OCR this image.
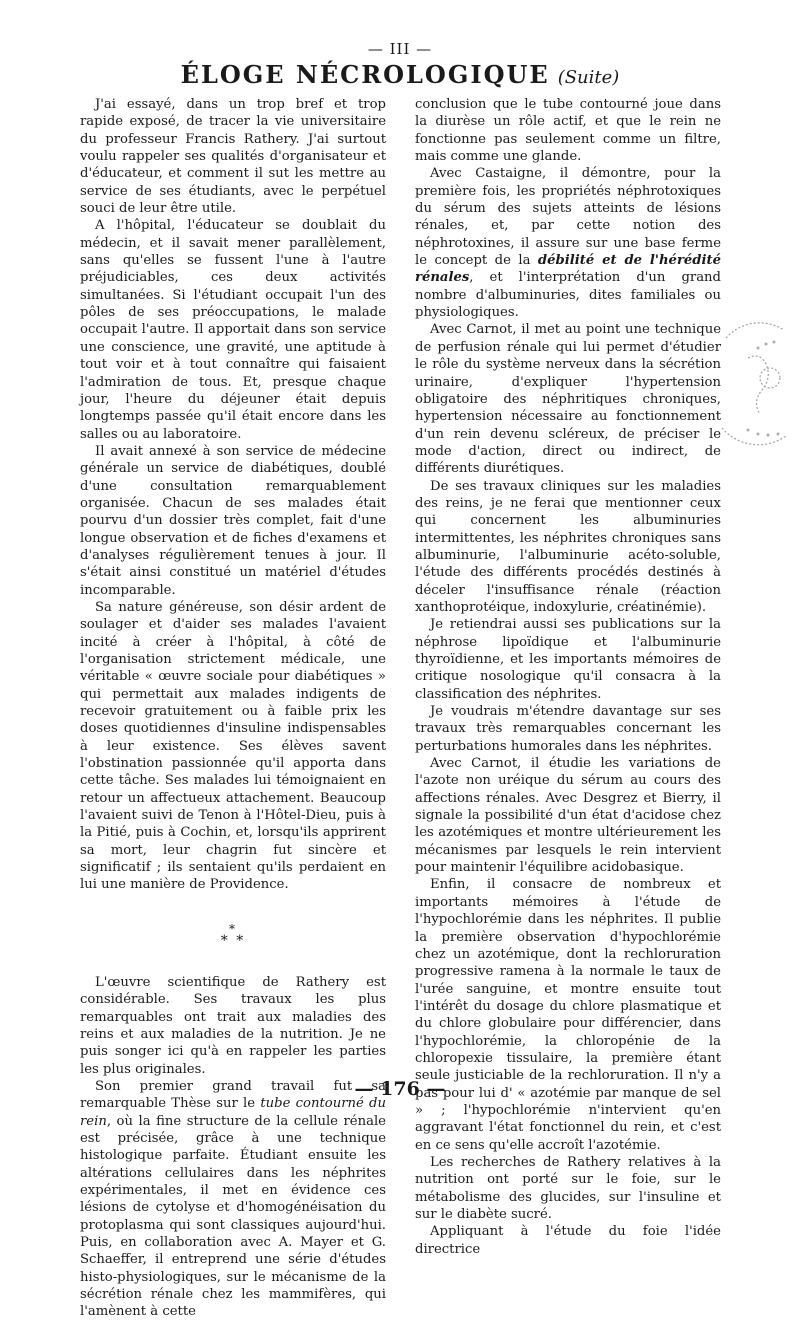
— III —
ÉLOGE NÉCROLOGIQUE (Suite)

J'ai essayé, dans un trop bref et trop rapide exposé, de tracer la vie universitaire du professeur Francis Rathery. J'ai surtout voulu rappeler ses qualités d'organisateur et d'éducateur, et comment il sut les mettre au service de ses étudiants, avec le perpétuel souci de leur être utile.

A l'hôpital, l'éducateur se doublait du médecin, et il savait mener parallèlement, sans qu'elles se fussent l'une à l'autre préjudiciables, ces deux activités simultanées. Si l'étudiant occupait l'un des pôles de ses préoccupations, le malade occupait l'autre. Il apportait dans son service une conscience, une gravité, une aptitude à tout voir et à tout connaître qui faisaient l'admiration de tous. Et, presque chaque jour, l'heure du déjeuner était depuis longtemps passée qu'il était encore dans les salles ou au laboratoire.

Il avait annexé à son service de médecine générale un service de diabétiques, doublé d'une consultation remarquablement organisée. Chacun de ses malades était pourvu d'un dossier très complet, fait d'une longue observation et de fiches d'examens et d'analyses régulièrement tenues à jour. Il s'était ainsi constitué un matériel d'études incomparable.

Sa nature généreuse, son désir ardent de soulager et d'aider ses malades l'avaient incité à créer à l'hôpital, à côté de l'organisation strictement médicale, une véritable « œuvre sociale pour diabétiques » qui permettait aux malades indigents de recevoir gratuitement ou à faible prix les doses quotidiennes d'insuline indispensables à leur existence. Ses élèves savent l'obstination passionnée qu'il apporta dans cette tâche. Ses malades lui témoignaient en retour un affectueux attachement. Beaucoup l'avaient suivi de Tenon à l'Hôtel-Dieu, puis à la Pitié, puis à Cochin, et, lorsqu'ils apprirent sa mort, leur chagrin fut sincère et significatif ; ils sentaient qu'ils perdaient en lui une manière de Providence.

*
* *

L'œuvre scientifique de Rathery est considérable. Ses travaux les plus remarquables ont trait aux maladies des reins et aux maladies de la nutrition. Je ne puis songer ici qu'à en rappeler les parties les plus originales.

Son premier grand travail fut sa remarquable Thèse sur le tube contourné du rein, où la fine structure de la cellule rénale est précisée, grâce à une technique histologique parfaite. Étudiant ensuite les altérations cellulaires dans les néphrites expérimentales, il met en évidence ces lésions de cytolyse et d'homogénéisation du protoplasma qui sont classiques aujourd'hui. Puis, en collaboration avec A. Mayer et G. Schaeffer, il entreprend une série d'études histo-physiologiques, sur le mécanisme de la sécrétion rénale chez les mammifères, qui l'amènent à cette

conclusion que le tube contourné joue dans la diurèse un rôle actif, et que le rein ne fonctionne pas seulement comme un filtre, mais comme une glande.

Avec Castaigne, il démontre, pour la première fois, les propriétés néphrotoxiques du sérum des sujets atteints de lésions rénales, et, par cette notion des néphrotoxines, il assure sur une base ferme le concept de la débilité et de l'hérédité rénales, et l'interprétation d'un grand nombre d'albuminuries, dites familiales ou physiologiques.

Avec Carnot, il met au point une technique de perfusion rénale qui lui permet d'étudier le rôle du système nerveux dans la sécrétion urinaire, d'expliquer l'hypertension obligatoire des néphritiques chroniques, hypertension nécessaire au fonctionnement d'un rein devenu scléreux, de préciser le mode d'action, direct ou indirect, de différents diurétiques.

De ses travaux cliniques sur les maladies des reins, je ne ferai que mentionner ceux qui concernent les albuminuries intermittentes, les néphrites chroniques sans albuminurie, l'albuminurie acéto-soluble, l'étude des différents procédés destinés à déceler l'insuffisance rénale (réaction xanthoprotéique, indoxylurie, créatinémie).

Je retiendrai aussi ses publications sur la néphrose lipoïdique et l'albuminurie thyroïdienne, et les importants mémoires de critique nosologique qu'il consacra à la classification des néphrites.

Je voudrais m'étendre davantage sur ses travaux très remarquables concernant les perturbations humorales dans les néphrites.

Avec Carnot, il étudie les variations de l'azote non uréique du sérum au cours des affections rénales. Avec Desgrez et Bierry, il signale la possibilité d'un état d'acidose chez les azotémiques et montre ultérieurement les mécanismes par lesquels le rein intervient pour maintenir l'équilibre acidobasique.

Enfin, il consacre de nombreux et importants mémoires à l'étude de l'hypochlorémie dans les néphrites. Il publie la première observation d'hypochlorémie chez un azotémique, dont la rechloruration progressive ramena à la normale le taux de l'urée sanguine, et montre ensuite tout l'intérêt du dosage du chlore plasmatique et du chlore globulaire pour différencier, dans l'hypochlorémie, la chloropénie de la chloropexie tissulaire, la première étant seule justiciable de la rechloruration. Il n'y a pas pour lui d' « azotémie par manque de sel » ; l'hypochlorémie n'intervient qu'en aggravant l'état fonctionnel du rein, et c'est en ce sens qu'elle accroît l'azotémie.

Les recherches de Rathery relatives à la nutrition ont porté sur le foie, sur le métabolisme des glucides, sur l'insuline et sur le diabète sucré.

Appliquant à l'étude du foie l'idée directrice

— 176 —
